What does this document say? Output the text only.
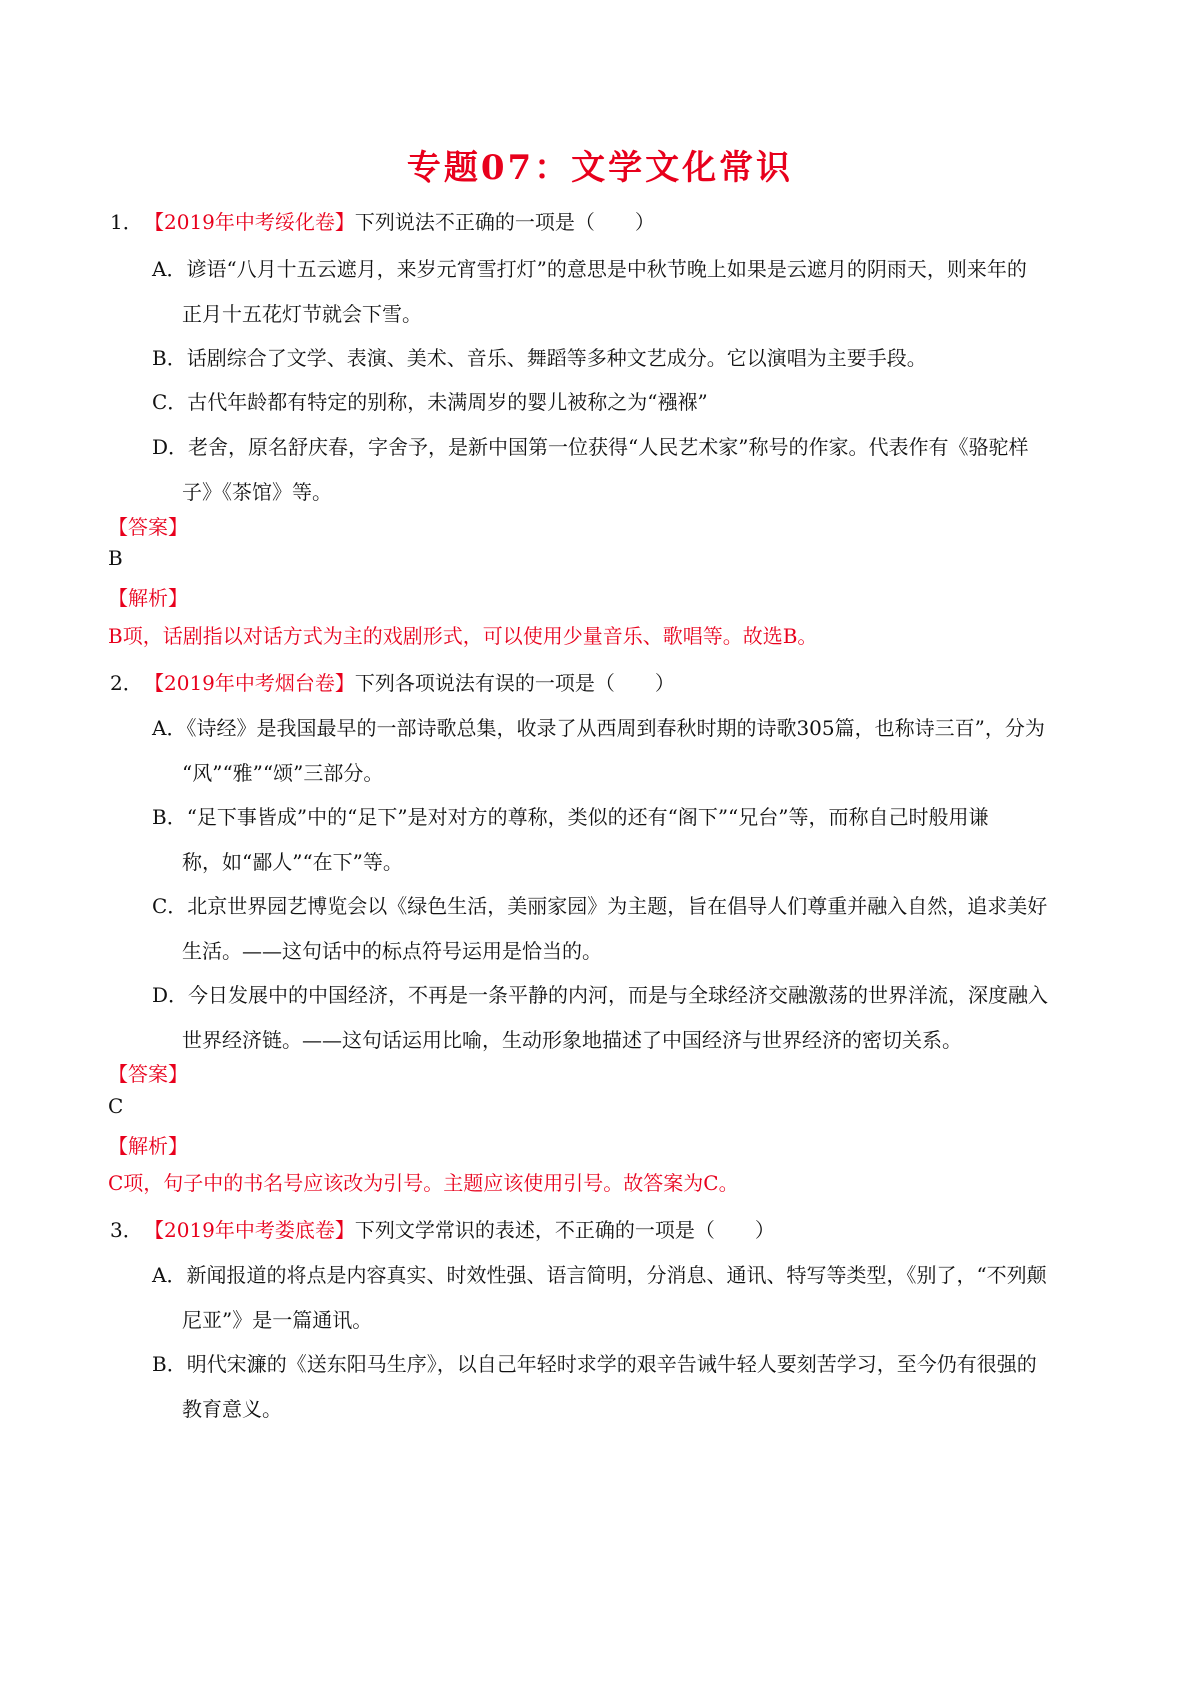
专题07：文学文化常识
1．【2019年中考绥化卷】下列说法不正确的一项是（　　）
A．谚语“八月十五云遮月，来岁元宵雪打灯”的意思是中秋节晚上如果是云遮月的阴雨天，则来年的
正月十五花灯节就会下雪。
B．话剧综合了文学、表演、美术、音乐、舞蹈等多种文艺成分。它以演唱为主要手段。
C．古代年龄都有特定的别称，未满周岁的婴儿被称之为“襁褓”
D．老舍，原名舒庆春，字舍予，是新中国第一位获得“人民艺术家”称号的作家。代表作有《骆驼样
子》《茶馆》等。
【答案】
B
【解析】
B项，话剧指以对话方式为主的戏剧形式，可以使用少量音乐、歌唱等。故选B。
2．【2019年中考烟台卷】下列各项说法有误的一项是（　　）
A．《诗经》是我国最早的一部诗歌总集，收录了从西周到春秋时期的诗歌305篇，也称诗三百”，分为
“风”“雅”“颂”三部分。
B．“足下事皆成”中的“足下”是对对方的尊称，类似的还有“阁下”“兄台”等，而称自己时般用谦
称，如“鄙人”“在下”等。
C．北京世界园艺博览会以《绿色生活，美丽家园》为主题，旨在倡导人们尊重并融入自然，追求美好
生活。——这句话中的标点符号运用是恰当的。
D．今日发展中的中国经济，不再是一条平静的内河，而是与全球经济交融激荡的世界洋流，深度融入
世界经济链。——这句话运用比喻，生动形象地描述了中国经济与世界经济的密切关系。
【答案】
C
【解析】
C项，句子中的书名号应该改为引号。主题应该使用引号。故答案为C。
3．【2019年中考娄底卷】下列文学常识的表述，不正确的一项是（　　）
A．新闻报道的将点是内容真实、时效性强、语言简明，分消息、通讯、特写等类型，《别了，“不列颠
尼亚”》是一篇通讯。
B．明代宋濂的《送东阳马生序》，以自己年轻时求学的艰辛告诫牛轻人要刻苦学习，至今仍有很强的
教育意义。
